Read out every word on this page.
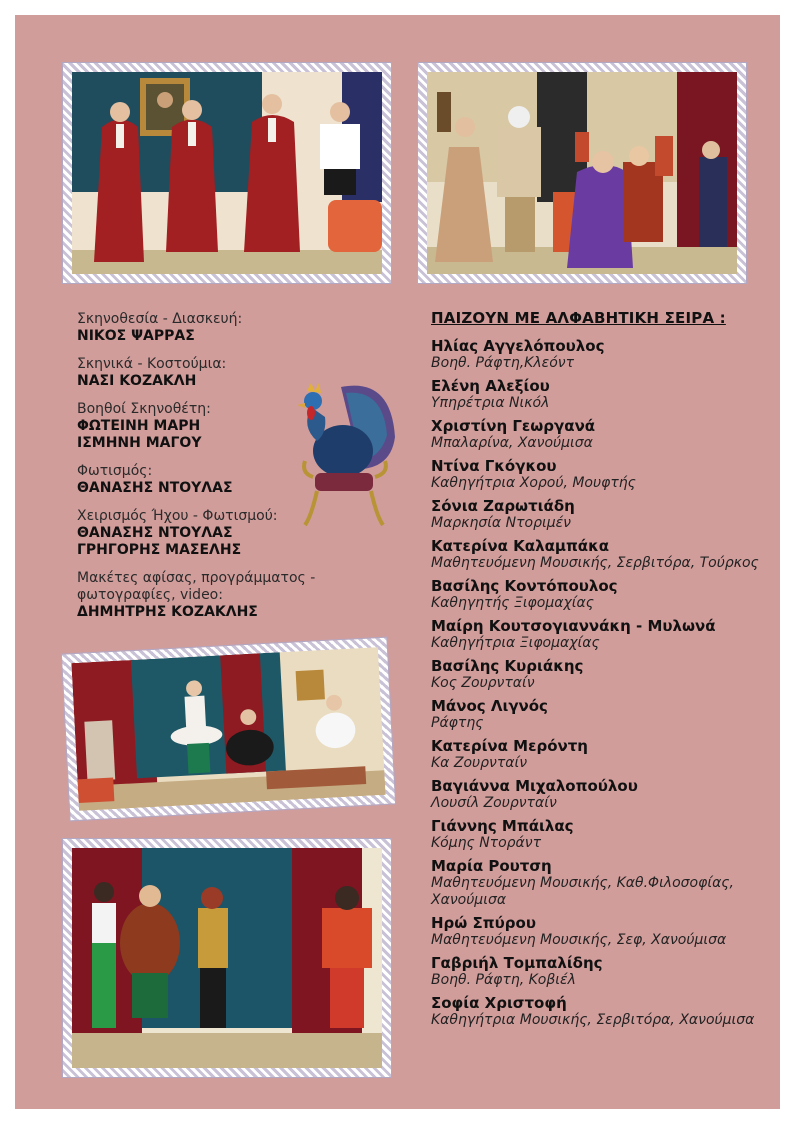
Σκηνοθεσία - Διασκευή:
ΝΙΚΟΣ ΨΑΡΡΑΣ
Σκηνικά - Κοστούμια:
ΝΑΣΙ ΚΟΖΑΚΛΗ
Βοηθοί Σκηνοθέτη:
ΦΩΤΕΙΝΗ ΜΑΡΗ
ΙΣΜΗΝΗ ΜΑΓΟΥ
Φωτισμός:
ΘΑΝΑΣΗΣ ΝΤΟΥΛΑΣ
Χειρισμός Ήχου - Φωτισμού:
ΘΑΝΑΣΗΣ ΝΤΟΥΛΑΣ
ΓΡΗΓΟΡΗΣ ΜΑΣΕΛΗΣ
Μακέτες αφίσας, προγράμματος - φωτογραφίες, video:
ΔΗΜΗΤΡΗΣ ΚΟΖΑΚΛΗΣ
ΠΑΙΖΟΥΝ ΜΕ ΑΛΦΑΒΗΤΙΚΗ ΣΕΙΡΑ :
Ηλίας Αγγελόπουλος
Βοηθ. Ράφτη,Κλεόντ
Ελένη Αλεξίου
Υπηρέτρια Νικόλ
Χριστίνη Γεωργανά
Μπαλαρίνα, Χανούμισα
Ντίνα Γκόγκου
Καθηγήτρια Χορού, Μουφτής
Σόνια Ζαρωτιάδη
Μαρκησία Ντοριμέν
Κατερίνα Καλαμπάκα
Μαθητευόμενη Μουσικής, Σερβιτόρα, Τούρκος
Βασίλης Κοντόπουλος
Καθηγητής Ξιφομαχίας
Μαίρη Κουτσογιαννάκη - Μυλωνά
Καθηγήτρια Ξιφομαχίας
Βασίλης Κυριάκης
Κος Ζουρνταίν
Μάνος Λιγνός
Ράφτης
Κατερίνα Μερόντη
Κα Ζουρνταίν
Βαγιάννα Μιχαλοπούλου
Λουσίλ Ζουρνταίν
Γιάννης Μπάιλας
Κόμης Ντοράντ
Μαρία Ρουτση
Μαθητευόμενη Μουσικής, Καθ.Φιλοσοφίας, Χανούμισα
Ηρώ Σπύρου
Μαθητευόμενη Μουσικής, Σεφ, Χανούμισα
Γαβριήλ Τομπαλίδης
Βοηθ. Ράφτη, Κοβιέλ
Σοφία Χριστοφή
Καθηγήτρια Μουσικής, Σερβιτόρα, Χανούμισα
